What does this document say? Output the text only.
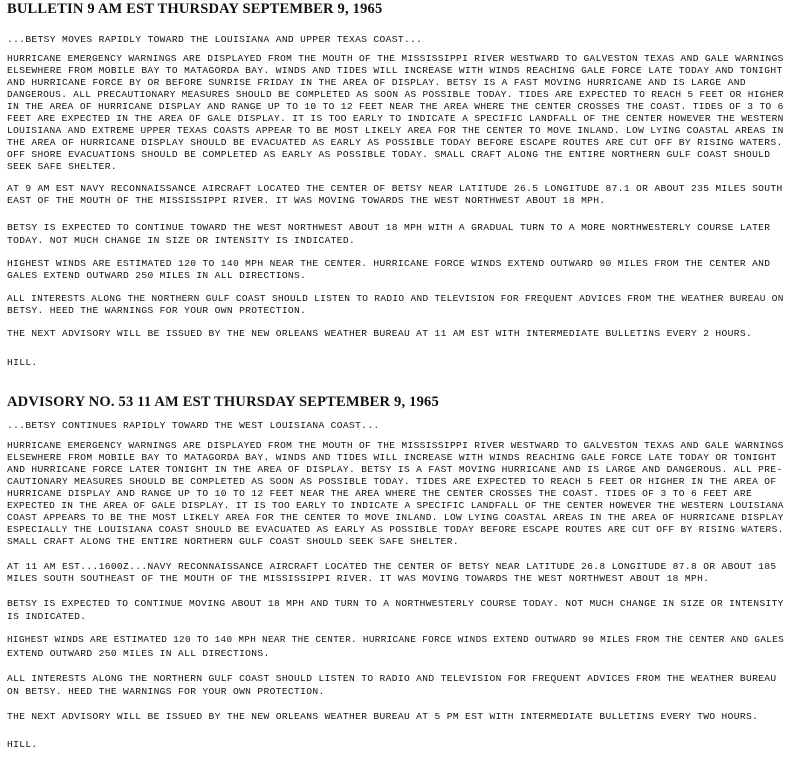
BULLETIN 9 AM EST THURSDAY SEPTEMBER 9, 1965
...BETSY MOVES RAPIDLY TOWARD THE LOUISIANA AND UPPER TEXAS COAST...
HURRICANE EMERGENCY WARNINGS ARE DISPLAYED FROM THE MOUTH OF THE MISSISSIPPI RIVER WESTWARD TO GALVESTON TEXAS AND GALE WARNINGS
ELSEWHERE FROM MOBILE BAY TO MATAGORDA BAY. WINDS AND TIDES WILL INCREASE WITH WINDS REACHING GALE FORCE LATE TODAY AND TONIGHT
AND HURRICANE FORCE BY OR BEFORE SUNRISE FRIDAY IN THE AREA OF DISPLAY. BETSY IS A FAST MOVING HURRICANE AND IS LARGE AND
DANGEROUS. ALL PRECAUTIONARY MEASURES SHOULD BE COMPLETED AS SOON AS POSSIBLE TODAY. TIDES ARE EXPECTED TO REACH 5 FEET OR HIGHER
IN THE AREA OF HURRICANE DISPLAY AND RANGE UP TO 10 TO 12 FEET NEAR THE AREA WHERE THE CENTER CROSSES THE COAST. TIDES OF 3 TO 6
FEET ARE EXPECTED IN THE AREA OF GALE DISPLAY. IT IS TOO EARLY TO INDICATE A SPECIFIC LANDFALL OF THE CENTER HOWEVER THE WESTERN
LOUISIANA AND EXTREME UPPER TEXAS COASTS APPEAR TO BE MOST LIKELY AREA FOR THE CENTER TO MOVE INLAND. LOW LYING COASTAL AREAS IN
THE AREA OF HURRICANE DISPLAY SHOULD BE EVACUATED AS EARLY AS POSSIBLE TODAY BEFORE ESCAPE ROUTES ARE CUT OFF BY RISING WATERS.
OFF SHORE EVACUATIONS SHOULD BE COMPLETED AS EARLY AS POSSIBLE TODAY. SMALL CRAFT ALONG THE ENTIRE NORTHERN GULF COAST SHOULD
SEEK SAFE SHELTER.
AT 9 AM EST NAVY RECONNAISSANCE AIRCRAFT LOCATED THE CENTER OF BETSY NEAR LATITUDE 26.5 LONGITUDE 87.1 OR ABOUT 235 MILES SOUTH
EAST OF THE MOUTH OF THE MISSISSIPPI RIVER. IT WAS MOVING TOWARDS THE WEST NORTHWEST ABOUT 18 MPH.
BETSY IS EXPECTED TO CONTINUE TOWARD THE WEST NORTHWEST ABOUT 18 MPH WITH A GRADUAL TURN TO A MORE NORTHWESTERLY COURSE LATER
TODAY. NOT MUCH CHANGE IN SIZE OR INTENSITY IS INDICATED.
HIGHEST WINDS ARE ESTIMATED 120 TO 140 MPH NEAR THE CENTER. HURRICANE FORCE WINDS EXTEND OUTWARD 90 MILES FROM THE CENTER AND
GALES EXTEND OUTWARD 250 MILES IN ALL DIRECTIONS.
ALL INTERESTS ALONG THE NORTHERN GULF COAST SHOULD LISTEN TO RADIO AND TELEVISION FOR FREQUENT ADVICES FROM THE WEATHER BUREAU ON
BETSY. HEED THE WARNINGS FOR YOUR OWN PROTECTION.
THE NEXT ADVISORY WILL BE ISSUED BY THE NEW ORLEANS WEATHER BUREAU AT 11 AM EST WITH INTERMEDIATE BULLETINS EVERY 2 HOURS.
HILL.
ADVISORY NO. 53 11 AM EST THURSDAY SEPTEMBER 9, 1965
...BETSY CONTINUES RAPIDLY TOWARD THE WEST LOUISIANA COAST...
HURRICANE EMERGENCY WARNINGS ARE DISPLAYED FROM THE MOUTH OF THE MISSISSIPPI RIVER WESTWARD TO GALVESTON TEXAS AND GALE WARNINGS
ELSEWHERE FROM MOBILE BAY TO MATAGORDA BAY. WINDS AND TIDES WILL INCREASE WITH WINDS REACHING GALE FORCE LATE TODAY OR TONIGHT
AND HURRICANE FORCE LATER TONIGHT IN THE AREA OF DISPLAY. BETSY IS A FAST MOVING HURRICANE AND IS LARGE AND DANGEROUS. ALL PRE-
CAUTIONARY MEASURES SHOULD BE COMPLETED AS SOON AS POSSIBLE TODAY. TIDES ARE EXPECTED TO REACH 5 FEET OR HIGHER IN THE AREA OF
HURRICANE DISPLAY AND RANGE UP TO 10 TO 12 FEET NEAR THE AREA WHERE THE CENTER CROSSES THE COAST. TIDES OF 3 TO 6 FEET ARE
EXPECTED IN THE AREA OF GALE DISPLAY. IT IS TOO EARLY TO INDICATE A SPECIFIC LANDFALL OF THE CENTER HOWEVER THE WESTERN LOUISIANA
COAST APPEARS TO BE THE MOST LIKELY AREA FOR THE CENTER TO MOVE INLAND. LOW LYING COASTAL AREAS IN THE AREA OF HURRICANE DISPLAY
ESPECIALLY THE LOUISIANA COAST SHOULD BE EVACUATED AS EARLY AS POSSIBLE TODAY BEFORE ESCAPE ROUTES ARE CUT OFF BY RISING WATERS.
SMALL CRAFT ALONG THE ENTIRE NORTHERN GULF COAST SHOULD SEEK SAFE SHELTER.
AT 11 AM EST...1600Z...NAVY RECONNAISSANCE AIRCRAFT LOCATED THE CENTER OF BETSY NEAR LATITUDE 26.8 LONGITUDE 87.8 OR ABOUT 185
MILES SOUTH SOUTHEAST OF THE MOUTH OF THE MISSISSIPPI RIVER. IT WAS MOVING TOWARDS THE WEST NORTHWEST ABOUT 18 MPH.
BETSY IS EXPECTED TO CONTINUE MOVING ABOUT 18 MPH AND TURN TO A NORTHWESTERLY COURSE TODAY. NOT MUCH CHANGE IN SIZE OR INTENSITY
IS INDICATED.
HIGHEST WINDS ARE ESTIMATED 120 TO 140 MPH NEAR THE CENTER. HURRICANE FORCE WINDS EXTEND OUTWARD 90 MILES FROM THE CENTER AND GALES
EXTEND OUTWARD 250 MILES IN ALL DIRECTIONS.
ALL INTERESTS ALONG THE NORTHERN GULF COAST SHOULD LISTEN TO RADIO AND TELEVISION FOR FREQUENT ADVICES FROM THE WEATHER BUREAU
ON BETSY. HEED THE WARNINGS FOR YOUR OWN PROTECTION.
THE NEXT ADVISORY WILL BE ISSUED BY THE NEW ORLEANS WEATHER BUREAU AT 5 PM EST WITH INTERMEDIATE BULLETINS EVERY TWO HOURS.
HILL.
